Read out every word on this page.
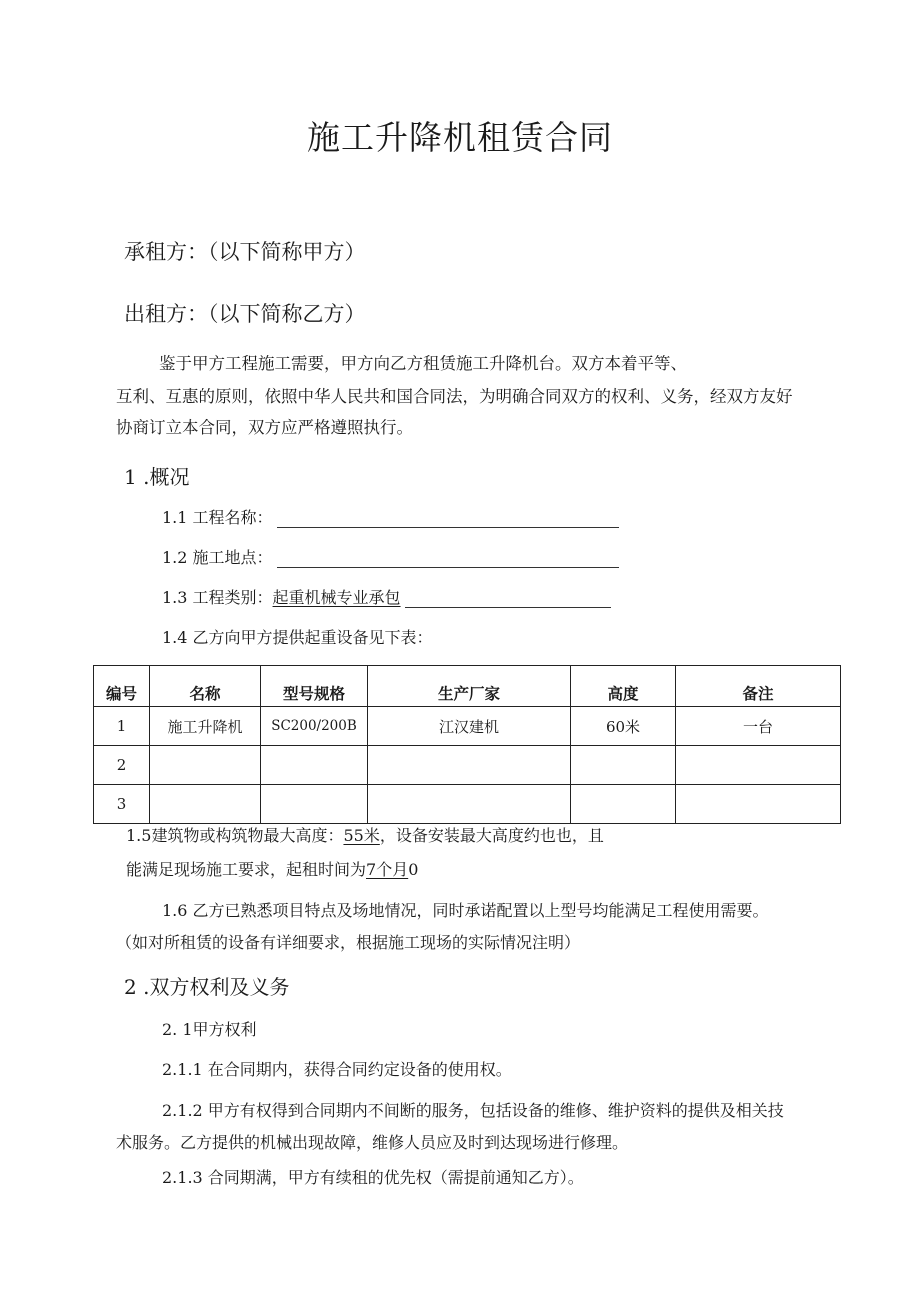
施工升降机租赁合同
承租方：（以下简称甲方）
出租方：（以下简称乙方）
鉴于甲方工程施工需要，甲方向乙方租赁施工升降机台。双方本着平等、
互利、互惠的原则，依照中华人民共和国合同法，为明确合同双方的权利、义务，经双方友好
协商订立本合同，双方应严格遵照执行。
1 .概况
1.1 工程名称：
1.2 施工地点：
1.3 工程类别：起重机械专业承包
1.4 乙方向甲方提供起重设备见下表：
编号	名称	型号规格	生产厂家	高度	备注
1	施工升降机	SC200/200B	江汉建机	60米	一台
2					
3					
1.5建筑物或构筑物最大高度：55米，设备安装最大高度约也也，且
能满足现场施工要求，起租时间为7个月0
1.6 乙方已熟悉项目特点及场地情况，同时承诺配置以上型号均能满足工程使用需要。
（如对所租赁的设备有详细要求，根据施工现场的实际情况注明）
2 .双方权利及义务
2. 1甲方权利
2.1.1 在合同期内，获得合同约定设备的使用权。
2.1.2 甲方有权得到合同期内不间断的服务，包括设备的维修、维护资料的提供及相关技
术服务。乙方提供的机械出现故障，维修人员应及时到达现场进行修理。
2.1.3 合同期满，甲方有续租的优先权（需提前通知乙方）。
